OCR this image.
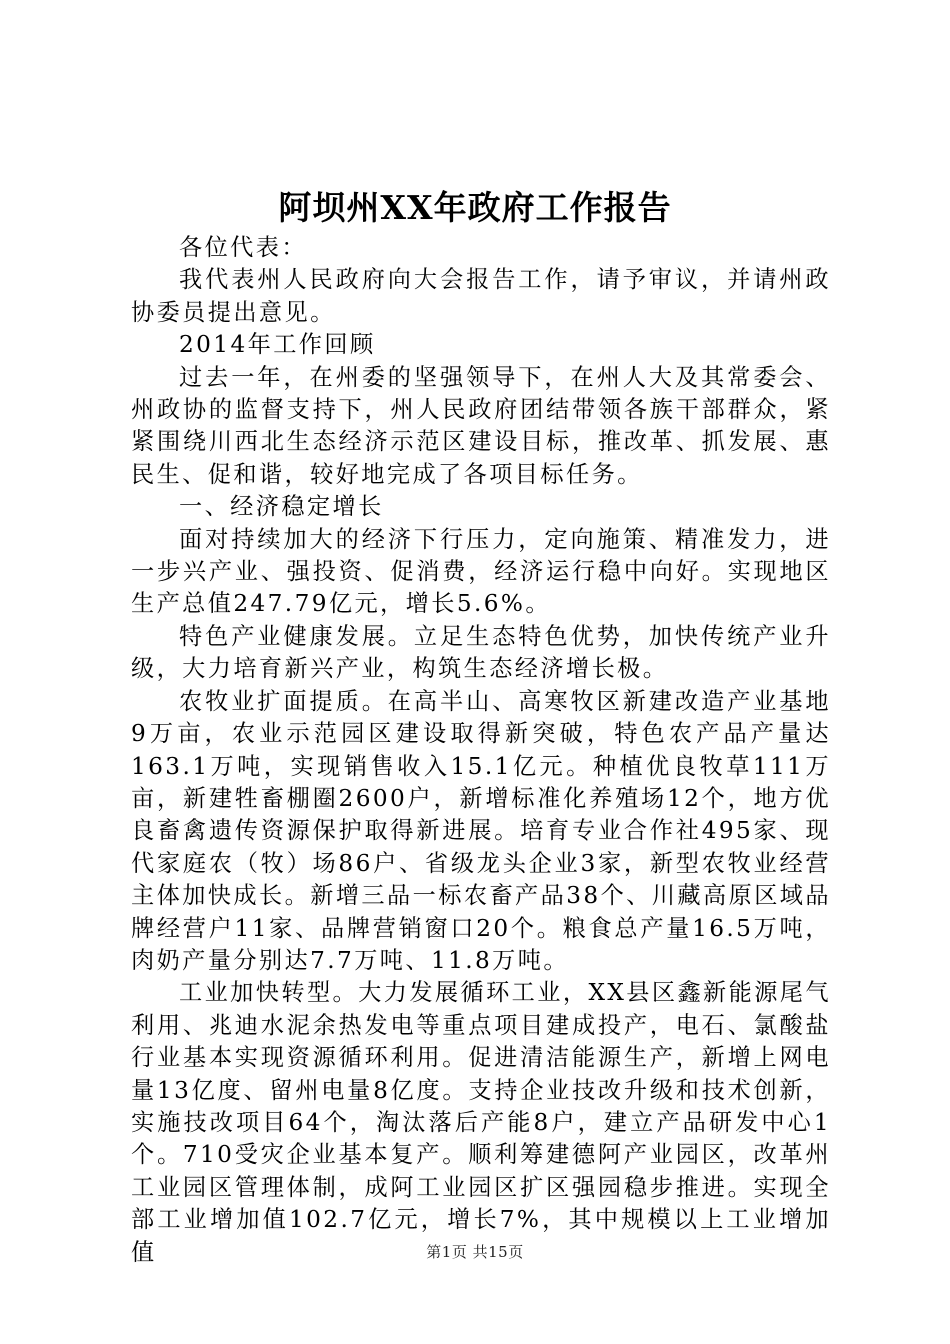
阿坝州XX年政府工作报告

各位代表：

我代表州人民政府向大会报告工作，请予审议，并请州政协委员提出意见。

2014年工作回顾

过去一年，在州委的坚强领导下，在州人大及其常委会、州政协的监督支持下，州人民政府团结带领各族干部群众，紧紧围绕川西北生态经济示范区建设目标，推改革、抓发展、惠民生、促和谐，较好地完成了各项目标任务。

一、经济稳定增长

面对持续加大的经济下行压力，定向施策、精准发力，进一步兴产业、强投资、促消费，经济运行稳中向好。实现地区生产总值247.79亿元，增长5.6%。

特色产业健康发展。立足生态特色优势，加快传统产业升级，大力培育新兴产业，构筑生态经济增长极。

农牧业扩面提质。在高半山、高寒牧区新建改造产业基地9万亩，农业示范园区建设取得新突破，特色农产品产量达163.1万吨，实现销售收入15.1亿元。种植优良牧草111万亩，新建牲畜棚圈2600户，新增标准化养殖场12个，地方优良畜禽遗传资源保护取得新进展。培育专业合作社495家、现代家庭农（牧）场86户、省级龙头企业3家，新型农牧业经营主体加快成长。新增三品一标农畜产品38个、川藏高原区域品牌经营户11家、品牌营销窗口20个。粮食总产量16.5万吨，肉奶产量分别达7.7万吨、11.8万吨。

工业加快转型。大力发展循环工业，XX县区鑫新能源尾气利用、兆迪水泥余热发电等重点项目建成投产，电石、氯酸盐行业基本实现资源循环利用。促进清洁能源生产，新增上网电量13亿度、留州电量8亿度。支持企业技改升级和技术创新，实施技改项目64个，淘汰落后产能8户，建立产品研发中心1个。710受灾企业基本复产。顺利筹建德阿产业园区，改革州工业园区管理体制，成阿工业园区扩区强园稳步推进。实现全部工业增加值102.7亿元，增长7%，其中规模以上工业增加值	第1页 共15页
